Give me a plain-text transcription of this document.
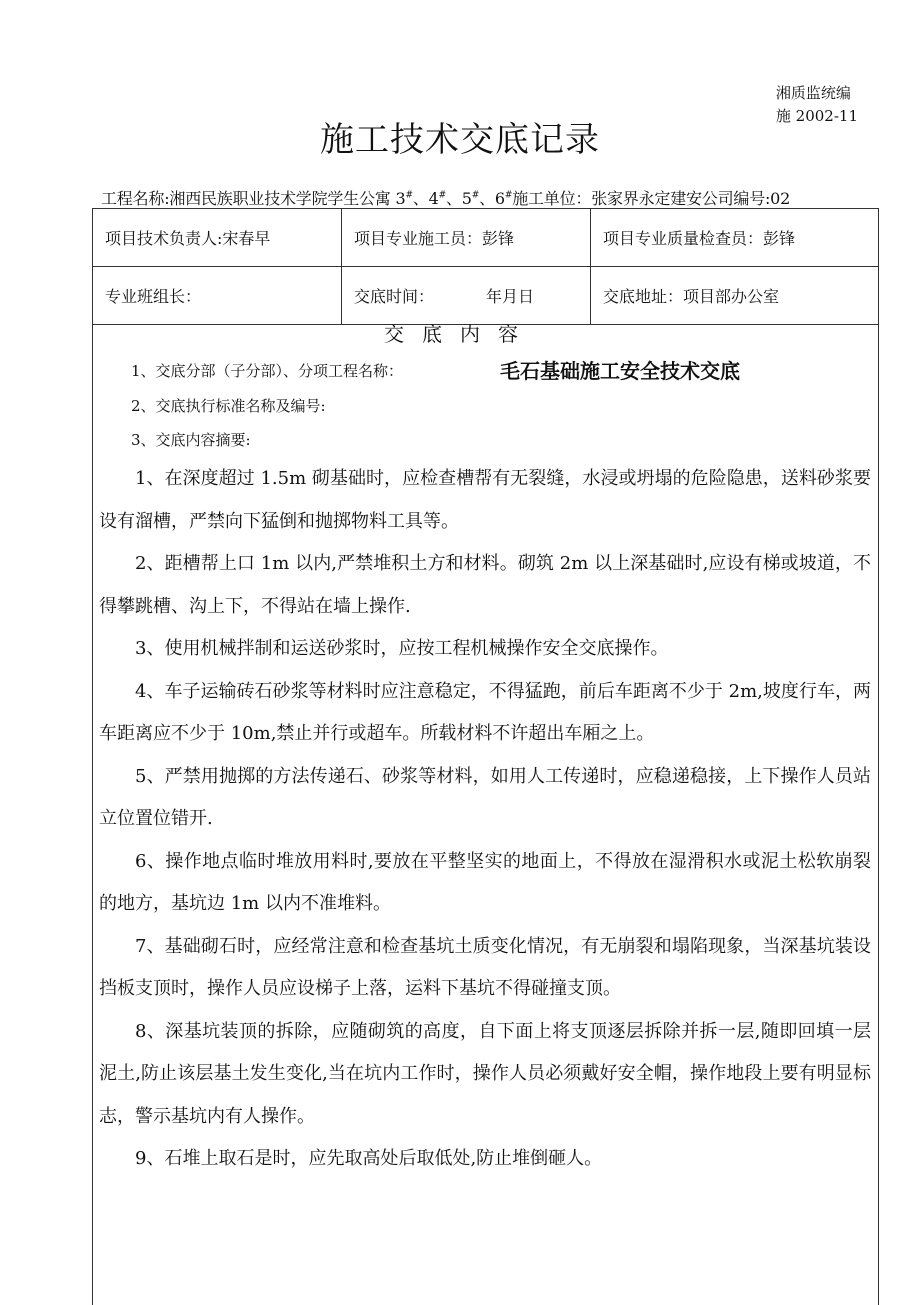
湘质监统编
施 2002-11
施工技术交底记录
工程名称:湘西民族职业技术学院学生公寓 3#、4#、5#、6#施工单位：张家界永定建安公司编号:02
项目技术负责人:宋春早	项目专业施工员：彭锋	项目专业质量检查员：彭锋
专业班组长：	交底时间： 年月日	交底地址：项目部办公室
交底内容
1、交底分部（子分部）、分项工程名称：	毛石基础施工安全技术交底
2、交底执行标准名称及编号:
3、交底内容摘要:

1、在深度超过 1.5m 砌基础时，应检查槽帮有无裂缝，水浸或坍塌的危险隐患，送料砂浆要设有溜槽，严禁向下猛倒和抛掷物料工具等。

2、距槽帮上口 1m 以内,严禁堆积土方和材料。砌筑 2m 以上深基础时,应设有梯或坡道，不得攀跳槽、沟上下，不得站在墙上操作.

3、使用机械拌制和运送砂浆时，应按工程机械操作安全交底操作。

4、车子运输砖石砂浆等材料时应注意稳定，不得猛跑，前后车距离不少于 2m,坡度行车，两车距离应不少于 10m,禁止并行或超车。所载材料不许超出车厢之上。

5、严禁用抛掷的方法传递石、砂浆等材料，如用人工传递时，应稳递稳接，上下操作人员站立位置位错开.

6、操作地点临时堆放用料时,要放在平整坚实的地面上，不得放在湿滑积水或泥土松软崩裂的地方，基坑边 1m 以内不准堆料。

7、基础砌石时，应经常注意和检查基坑土质变化情况，有无崩裂和塌陷现象，当深基坑装设挡板支顶时，操作人员应设梯子上落，运料下基坑不得碰撞支顶。

8、深基坑装顶的拆除，应随砌筑的高度，自下面上将支顶逐层拆除并拆一层,随即回填一层泥土,防止该层基土发生变化,当在坑内工作时，操作人员必须戴好安全帽，操作地段上要有明显标志，警示基坑内有人操作。

9、石堆上取石是时，应先取高处后取低处,防止堆倒砸人。
